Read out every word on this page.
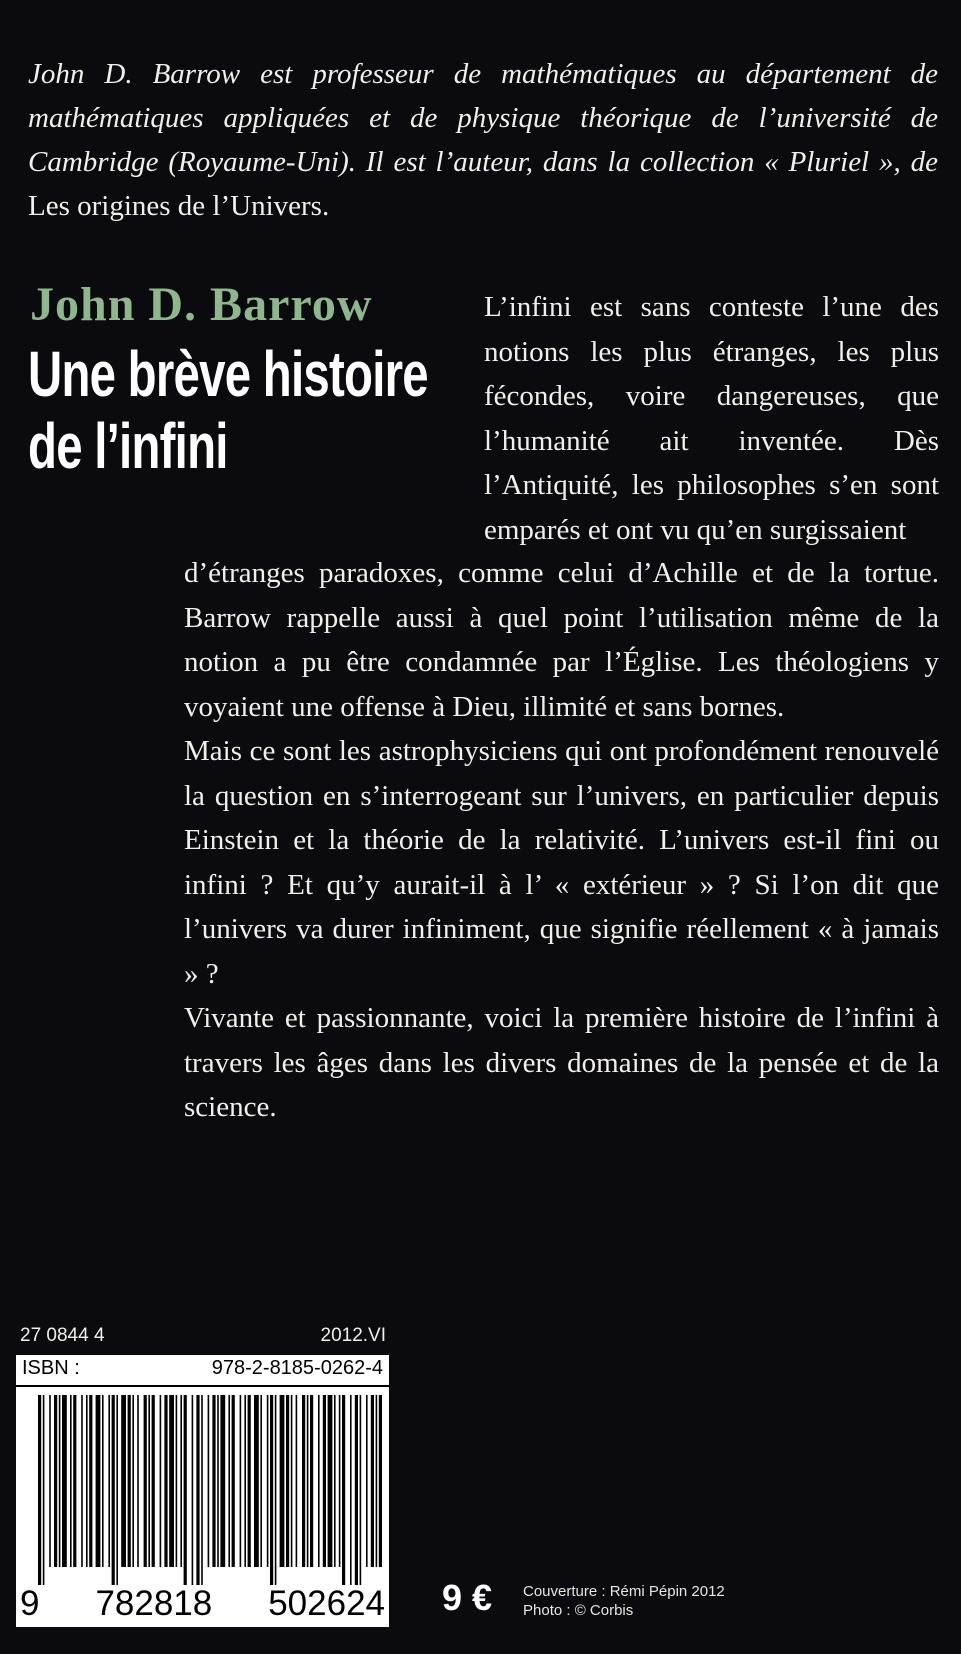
John D. Barrow est professeur de mathématiques au département de mathématiques appliquées et de physique théorique de l’université de Cambridge (Royaume-Uni). Il est l’auteur, dans la collection « Pluriel », de Les origines de l’Univers.

John D. Barrow
Une brève histoire
de l’infini

L’infini est sans conteste l’une des notions les plus étranges, les plus fécondes, voire dangereuses, que l’humanité ait inventée. Dès l’Antiquité, les philosophes s’en sont emparés et ont vu qu’en surgissaient

d’étranges paradoxes, comme celui d’Achille et de la tortue. Barrow rappelle aussi à quel point l’utilisation même de la notion a pu être condamnée par l’Église. Les théologiens y voyaient une offense à Dieu, illimité et sans bornes.

Mais ce sont les astrophysiciens qui ont profondément renouvelé la question en s’interrogeant sur l’univers, en particulier depuis Einstein et la théorie de la relativité. L’univers est-il fini ou infini ? Et qu’y aurait-il à l’ « extérieur » ? Si l’on dit que l’univers va durer infiniment, que signifie réellement « à jamais » ?

Vivante et passionnante, voici la première histoire de l’infini à travers les âges dans les divers domaines de la pensée et de la science.

27 0844 4	2012.VI
ISBN :	978-2-8185-0262-4
9 782818 502624 9 € Couverture : Rémi Pépin 2012
Photo : © Corbis
